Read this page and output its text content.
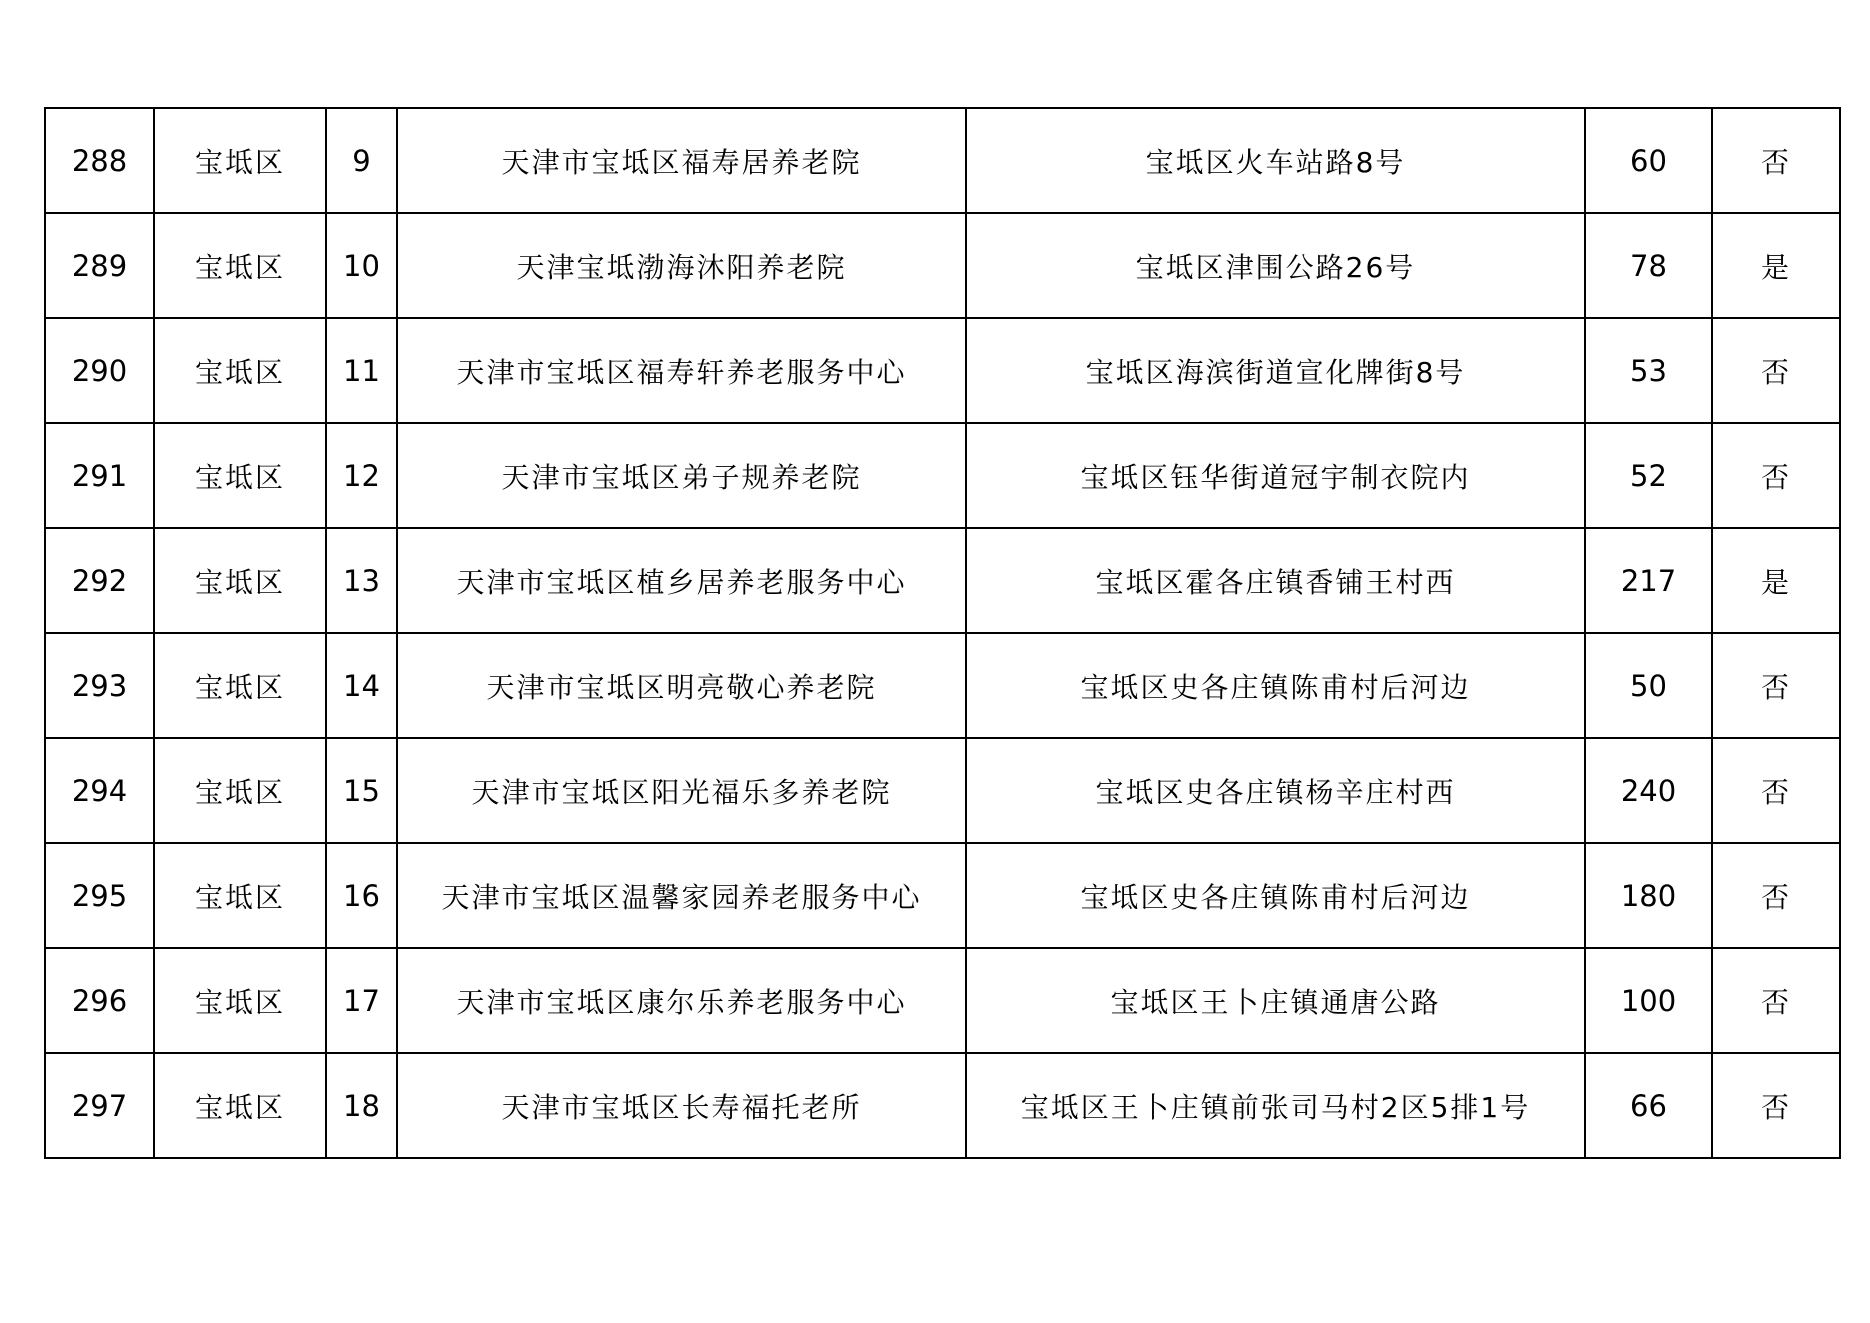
288	宝坻区	9	天津市宝坻区福寿居养老院	宝坻区火车站路8号	60	否
289	宝坻区	10	天津宝坻渤海沐阳养老院	宝坻区津围公路26号	78	是
290	宝坻区	11	天津市宝坻区福寿轩养老服务中心	宝坻区海滨街道宣化牌街8号	53	否
291	宝坻区	12	天津市宝坻区弟子规养老院	宝坻区钰华街道冠宇制衣院内	52	否
292	宝坻区	13	天津市宝坻区植乡居养老服务中心	宝坻区霍各庄镇香铺王村西	217	是
293	宝坻区	14	天津市宝坻区明亮敬心养老院	宝坻区史各庄镇陈甫村后河边	50	否
294	宝坻区	15	天津市宝坻区阳光福乐多养老院	宝坻区史各庄镇杨辛庄村西	240	否
295	宝坻区	16	天津市宝坻区温馨家园养老服务中心	宝坻区史各庄镇陈甫村后河边	180	否
296	宝坻区	17	天津市宝坻区康尔乐养老服务中心	宝坻区王卜庄镇通唐公路	100	否
297	宝坻区	18	天津市宝坻区长寿福托老所	宝坻区王卜庄镇前张司马村2区5排1号	66	否
